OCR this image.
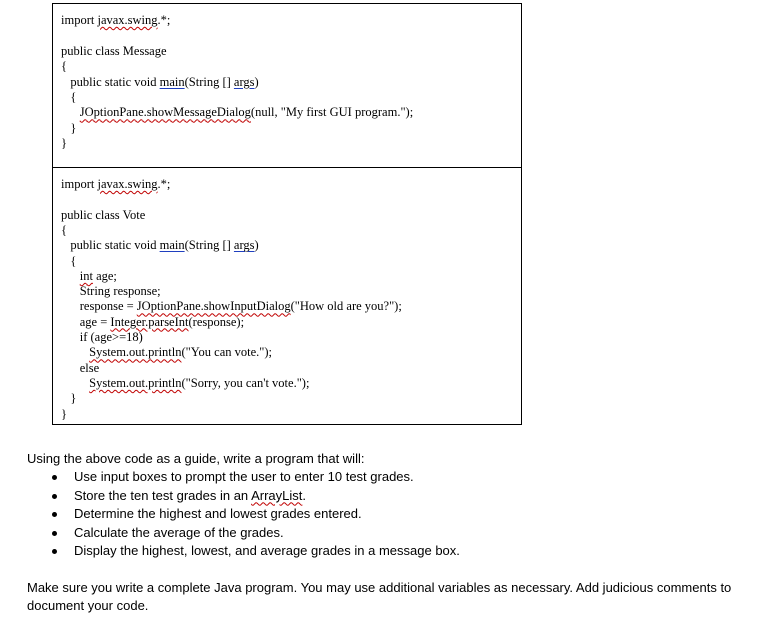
import javax.swing.*;
public class Message
{
public static void main(String [] args)
{
JOptionPane.showMessageDialog(null, "My first GUI program.");
}
}
import javax.swing.*;
public class Vote
{
public static void main(String [] args)
{
int age;
String response;
response = JOptionPane.showInputDialog("How old are you?");
age = Integer.parseInt(response);
if (age>=18)
System.out.println("You can vote.");
else
System.out.println("Sorry, you can't vote.");
}
}
Using the above code as a guide, write a program that will:
Use input boxes to prompt the user to enter 10 test grades.
Store the ten test grades in an ArrayList.
Determine the highest and lowest grades entered.
Calculate the average of the grades.
Display the highest, lowest, and average grades in a message box.
Make sure you write a complete Java program. You may use additional variables as necessary. Add judicious comments to document your code.
